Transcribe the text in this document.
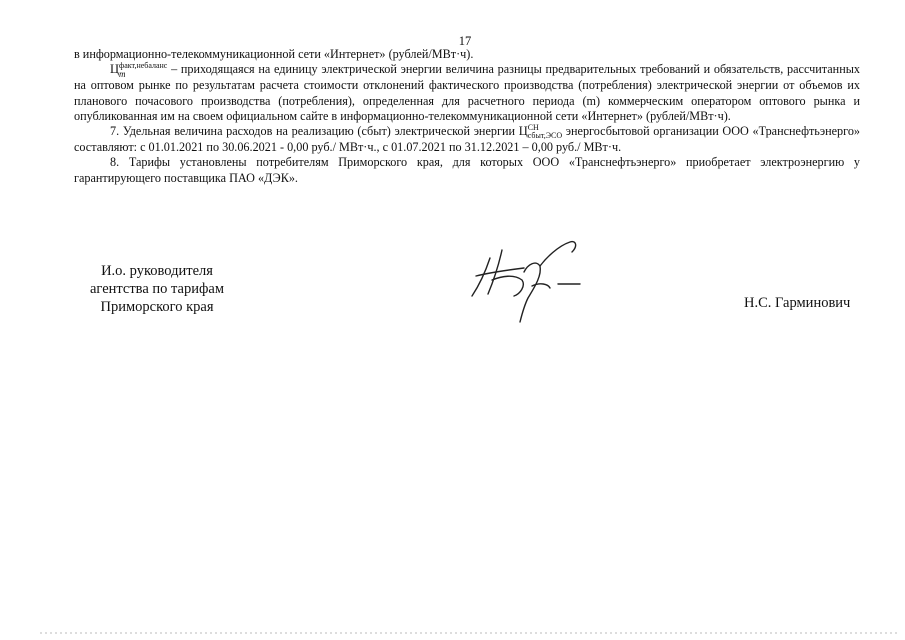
17

в информационно-телекоммуникационной сети «Интернет» (рублей/МВт·ч).

Ц факт,небаланс
m	– приходящаяся на единицу электрической энергии величина разницы предварительных требований и обязательств, рассчитанных на оптовом рынке по результатам расчета стоимости отклонений фактического производства (потребления) электрической энергии от объемов их планового почасового производства (потребления), определенная для расчетного периода (m) коммерческим оператором оптового рынка и опубликованная им на своем официальном сайте в информационно-телекоммуникационной сети «Интернет» (рублей/МВт·ч).

7. Удельная величина расходов на реализацию (сбыт) электрической энергии Ц СН
сбыт,ЭСО энергосбытовой организации ООО «Транснефтьэнерго» составляют: с 01.01.2021 по 30.06.2021 - 0,00 руб./ МВт·ч., с 01.07.2021 по 31.12.2021 – 0,00 руб./ МВт·ч.

8. Тарифы установлены потребителям Приморского края, для которых ООО «Транснефтьэнерго» приобретает электроэнергию у гарантирующего поставщика ПАО «ДЭК».

И.о. руководителя
агентства по тарифам
Приморского края	Н.С. Гарминович
